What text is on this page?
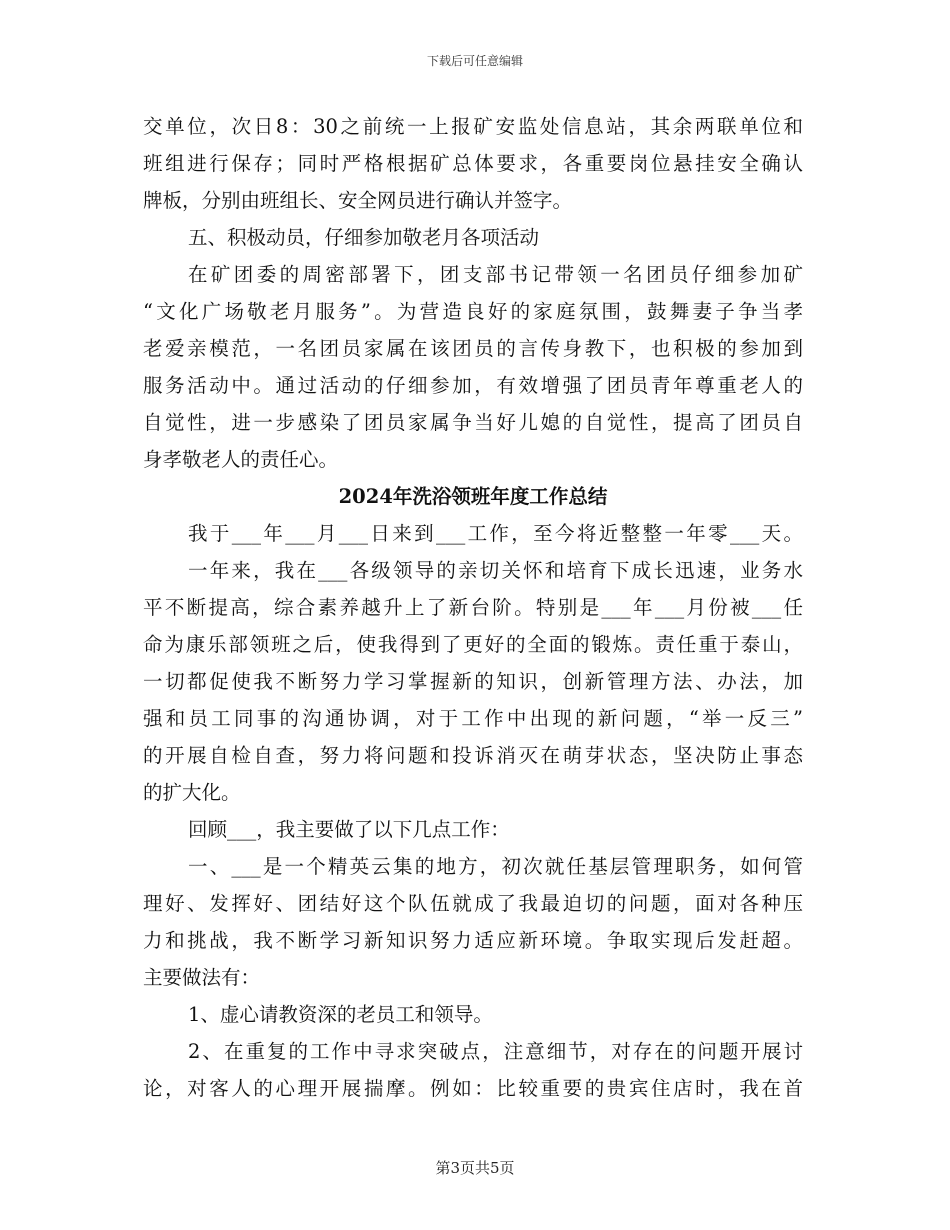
下载后可任意编辑
交单位，次日8：30之前统一上报矿安监处信息站，其余两联单位和
班组进行保存；同时严格根据矿总体要求，各重要岗位悬挂安全确认
牌板，分别由班组长、安全网员进行确认并签字。
五、积极动员，仔细参加敬老月各项活动
在矿团委的周密部署下，团支部书记带领一名团员仔细参加矿
“文化广场敬老月服务”。为营造良好的家庭氛围，鼓舞妻子争当孝
老爱亲模范，一名团员家属在该团员的言传身教下，也积极的参加到
服务活动中。通过活动的仔细参加，有效增强了团员青年尊重老人的
自觉性，进一步感染了团员家属争当好儿媳的自觉性，提高了团员自
身孝敬老人的责任心。
2024年洗浴领班年度工作总结
我于___年___月___日来到___工作，至今将近整整一年零___天。
一年来，我在___各级领导的亲切关怀和培育下成长迅速，业务水
平不断提高，综合素养越升上了新台阶。特别是___年___月份被___任
命为康乐部领班之后，使我得到了更好的全面的锻炼。责任重于泰山，
一切都促使我不断努力学习掌握新的知识，创新管理方法、办法，加
强和员工同事的沟通协调，对于工作中出现的新问题，“举一反三”
的开展自检自查，努力将问题和投诉消灭在萌芽状态，坚决防止事态
的扩大化。
回顾___，我主要做了以下几点工作：
一、___是一个精英云集的地方，初次就任基层管理职务，如何管
理好、发挥好、团结好这个队伍就成了我最迫切的问题，面对各种压
力和挑战，我不断学习新知识努力适应新环境。争取实现后发赶超。
主要做法有：
1、虚心请教资深的老员工和领导。
2、在重复的工作中寻求突破点，注意细节，对存在的问题开展讨
论，对客人的心理开展揣摩。例如：比较重要的贵宾住店时，我在首
第3页共5页
